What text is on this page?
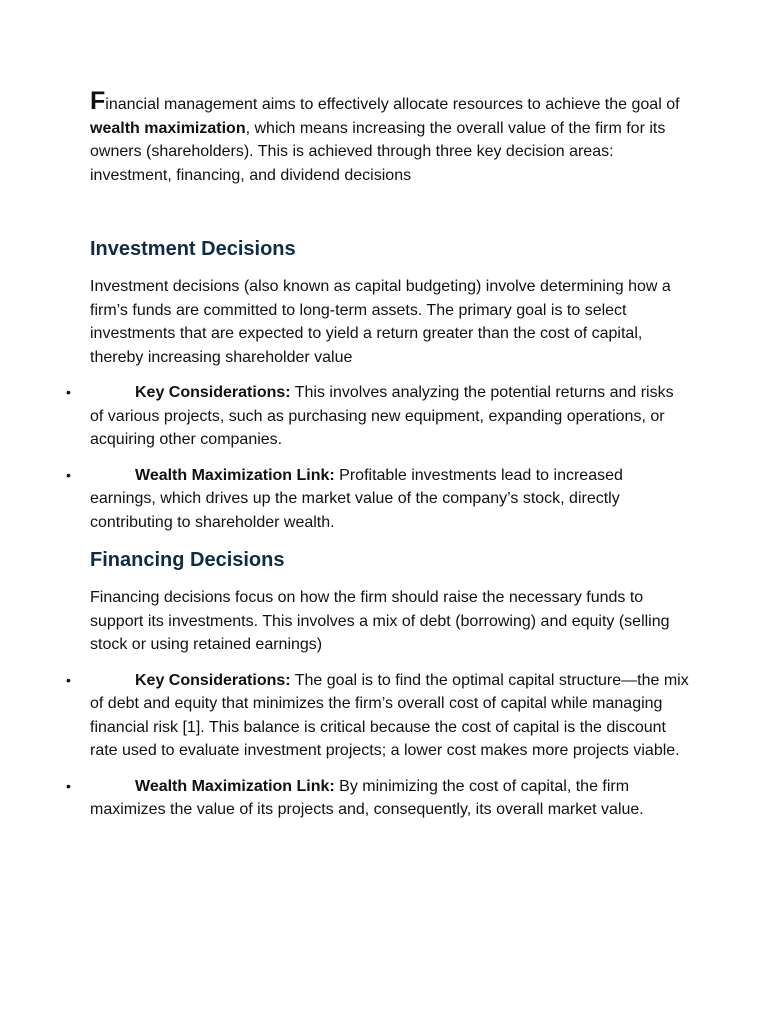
Financial management aims to effectively allocate resources to achieve the goal of wealth maximization, which means increasing the overall value of the firm for its owners (shareholders). This is achieved through three key decision areas: investment, financing, and dividend decisions

Investment Decisions

Investment decisions (also known as capital budgeting) involve determining how a firm’s funds are committed to long-term assets. The primary goal is to select investments that are expected to yield a return greater than the cost of capital, thereby increasing shareholder value

•	Key Considerations: This involves analyzing the potential returns and risks of various projects, such as purchasing new equipment, expanding operations, or acquiring other companies.
•	Wealth Maximization Link: Profitable investments lead to increased earnings, which drives up the market value of the company’s stock, directly contributing to shareholder wealth.
Financing Decisions

Financing decisions focus on how the firm should raise the necessary funds to support its investments. This involves a mix of debt (borrowing) and equity (selling stock or using retained earnings)

•	Key Considerations: The goal is to find the optimal capital structure—the mix of debt and equity that minimizes the firm’s overall cost of capital while managing financial risk [1]. This balance is critical because the cost of capital is the discount rate used to evaluate investment projects; a lower cost makes more projects viable.
•	Wealth Maximization Link: By minimizing the cost of capital, the firm maximizes the value of its projects and, consequently, its overall market value.
